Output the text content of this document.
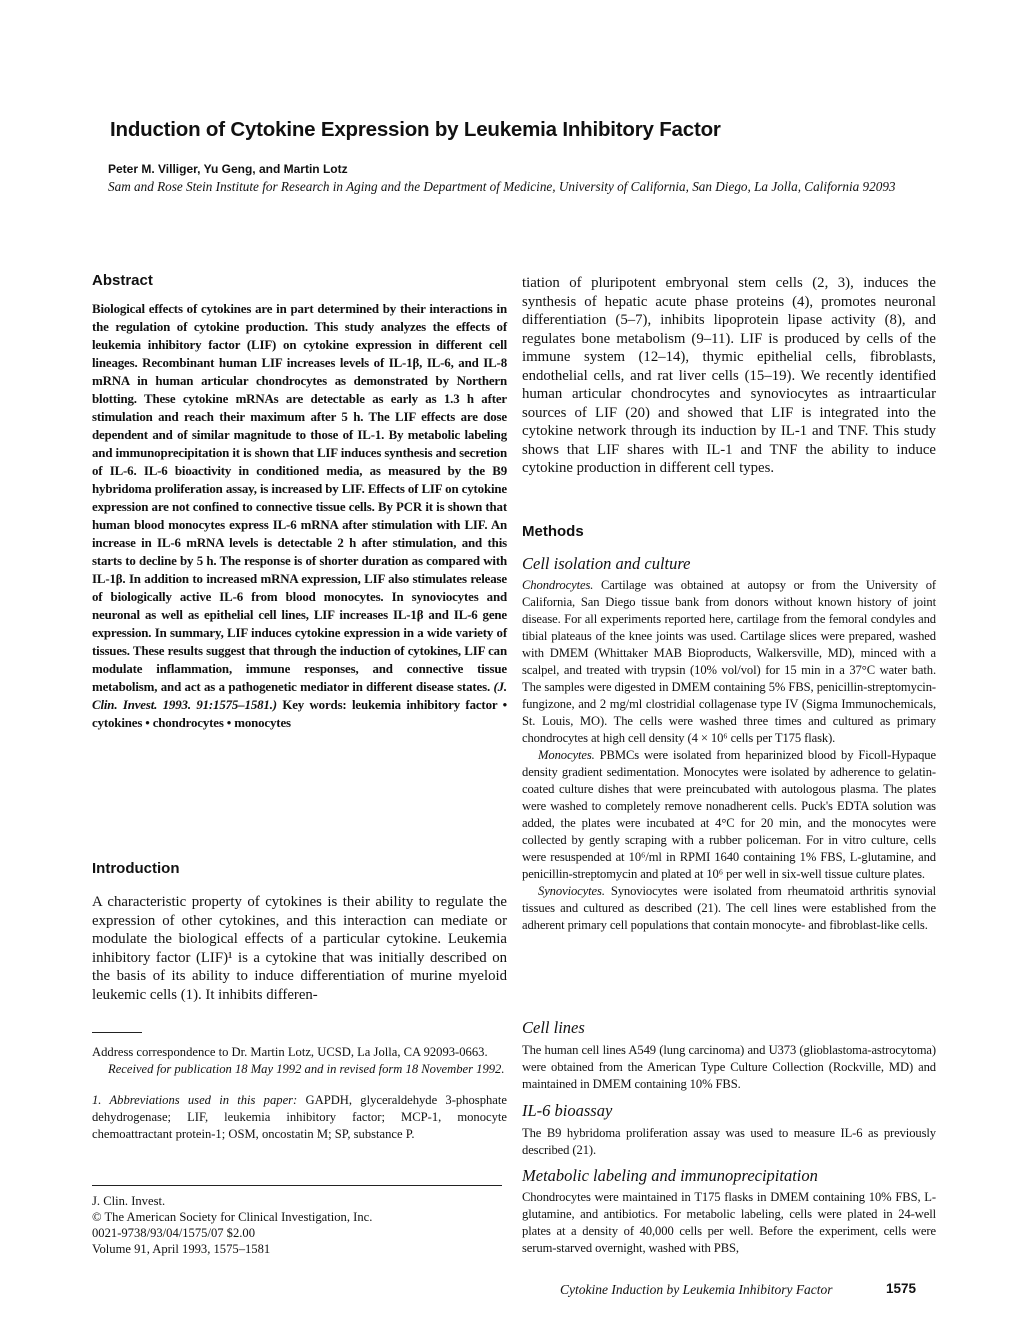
Induction of Cytokine Expression by Leukemia Inhibitory Factor
Peter M. Villiger, Yu Geng, and Martin Lotz
Sam and Rose Stein Institute for Research in Aging and the Department of Medicine, University of California, San Diego, La Jolla, California 92093
Abstract
Biological effects of cytokines are in part determined by their interactions in the regulation of cytokine production. This study analyzes the effects of leukemia inhibitory factor (LIF) on cytokine expression in different cell lineages. Recombinant human LIF increases levels of IL-1β, IL-6, and IL-8 mRNA in human articular chondrocytes as demonstrated by Northern blotting. These cytokine mRNAs are detectable as early as 1.3 h after stimulation and reach their maximum after 5 h. The LIF effects are dose dependent and of similar magnitude to those of IL-1. By metabolic labeling and immunoprecipitation it is shown that LIF induces synthesis and secretion of IL-6. IL-6 bioactivity in conditioned media, as measured by the B9 hybridoma proliferation assay, is increased by LIF. Effects of LIF on cytokine expression are not confined to connective tissue cells. By PCR it is shown that human blood monocytes express IL-6 mRNA after stimulation with LIF. An increase in IL-6 mRNA levels is detectable 2 h after stimulation, and this starts to decline by 5 h. The response is of shorter duration as compared with IL-1β. In addition to increased mRNA expression, LIF also stimulates release of biologically active IL-6 from blood monocytes. In synoviocytes and neuronal as well as epithelial cell lines, LIF increases IL-1β and IL-6 gene expression. In summary, LIF induces cytokine expression in a wide variety of tissues. These results suggest that through the induction of cytokines, LIF can modulate inflammation, immune responses, and connective tissue metabolism, and act as a pathogenetic mediator in different disease states. (J. Clin. Invest. 1993. 91:1575–1581.) Key words: leukemia inhibitory factor • cytokines • chondrocytes • monocytes
Introduction
A characteristic property of cytokines is their ability to regulate the expression of other cytokines, and this interaction can mediate or modulate the biological effects of a particular cytokine. Leukemia inhibitory factor (LIF)¹ is a cytokine that was initially described on the basis of its ability to induce differentiation of murine myeloid leukemic cells (1). It inhibits differen-

Address correspondence to Dr. Martin Lotz, UCSD, La Jolla, CA 92093-0663.

Received for publication 18 May 1992 and in revised form 18 November 1992.

1. Abbreviations used in this paper: GAPDH, glyceraldehyde 3-phosphate dehydrogenase; LIF, leukemia inhibitory factor; MCP-1, monocyte chemoattractant protein-1; OSM, oncostatin M; SP, substance P.

J. Clin. Invest.

© The American Society for Clinical Investigation, Inc.

0021-9738/93/04/1575/07 $2.00

Volume 91, April 1993, 1575–1581

tiation of pluripotent embryonal stem cells (2, 3), induces the synthesis of hepatic acute phase proteins (4), promotes neuronal differentiation (5–7), inhibits lipoprotein lipase activity (8), and regulates bone metabolism (9–11). LIF is produced by cells of the immune system (12–14), thymic epithelial cells, fibroblasts, endothelial cells, and rat liver cells (15–19). We recently identified human articular chondrocytes and synoviocytes as intraarticular sources of LIF (20) and showed that LIF is integrated into the cytokine network through its induction by IL-1 and TNF. This study shows that LIF shares with IL-1 and TNF the ability to induce cytokine production in different cell types.
Methods
Cell isolation and culture

Chondrocytes. Cartilage was obtained at autopsy or from the University of California, San Diego tissue bank from donors without known history of joint disease. For all experiments reported here, cartilage from the femoral condyles and tibial plateaus of the knee joints was used. Cartilage slices were prepared, washed with DMEM (Whittaker MAB Bioproducts, Walkersville, MD), minced with a scalpel, and treated with trypsin (10% vol/vol) for 15 min in a 37°C water bath. The samples were digested in DMEM containing 5% FBS, penicillin-streptomycin-fungizone, and 2 mg/ml clostridial collagenase type IV (Sigma Immunochemicals, St. Louis, MO). The cells were washed three times and cultured as primary chondrocytes at high cell density (4 × 10⁶ cells per T175 flask).

Monocytes. PBMCs were isolated from heparinized blood by Ficoll-Hypaque density gradient sedimentation. Monocytes were isolated by adherence to gelatin-coated culture dishes that were preincubated with autologous plasma. The plates were washed to completely remove nonadherent cells. Puck's EDTA solution was added, the plates were incubated at 4°C for 20 min, and the monocytes were collected by gently scraping with a rubber policeman. For in vitro culture, cells were resuspended at 10⁶/ml in RPMI 1640 containing 1% FBS, L-glutamine, and penicillin-streptomycin and plated at 10⁶ per well in six-well tissue culture plates.

Synoviocytes. Synoviocytes were isolated from rheumatoid arthritis synovial tissues and cultured as described (21). The cell lines were established from the adherent primary cell populations that contain monocyte- and fibroblast-like cells.

Cell lines
The human cell lines A549 (lung carcinoma) and U373 (glioblastoma-astrocytoma) were obtained from the American Type Culture Collection (Rockville, MD) and maintained in DMEM containing 10% FBS.
IL-6 bioassay
The B9 hybridoma proliferation assay was used to measure IL-6 as previously described (21).
Metabolic labeling and immunoprecipitation
Chondrocytes were maintained in T175 flasks in DMEM containing 10% FBS, L-glutamine, and antibiotics. For metabolic labeling, cells were plated in 24-well plates at a density of 40,000 cells per well. Before the experiment, cells were serum-starved overnight, washed with PBS,
Cytokine Induction by Leukemia Inhibitory Factor	1575
